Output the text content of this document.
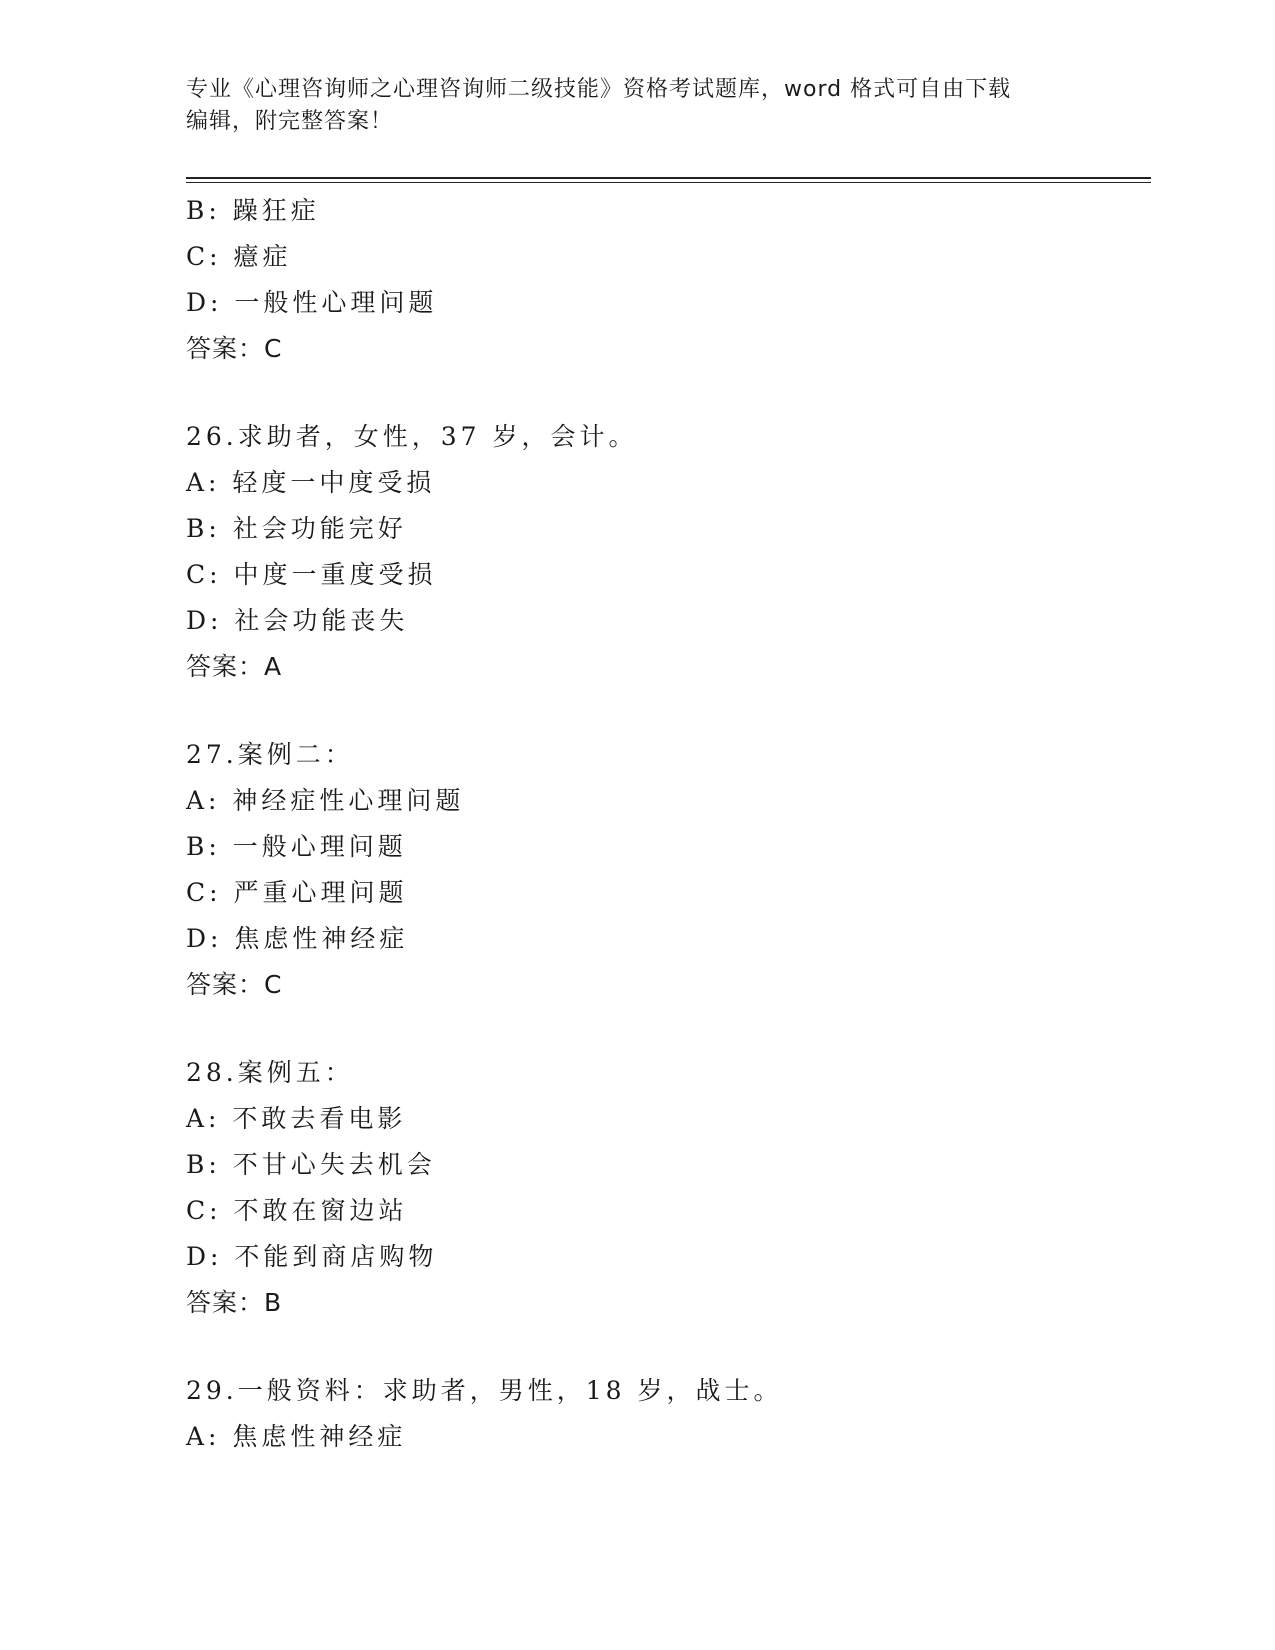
专业《心理咨询师之心理咨询师二级技能》资格考试题库，word 格式可自由下载
编辑，附完整答案！
B: 躁狂症
C: 癔症
D: 一般性心理问题
答案：C
26.求助者，女性，37 岁，会计。
A: 轻度一中度受损
B: 社会功能完好
C: 中度一重度受损
D: 社会功能丧失
答案：A
27.案例二：
A: 神经症性心理问题
B: 一般心理问题
C: 严重心理问题
D: 焦虑性神经症
答案：C
28.案例五：
A: 不敢去看电影
B: 不甘心失去机会
C: 不敢在窗边站
D: 不能到商店购物
答案：B
29.一般资料：求助者，男性，18 岁，战士。
A: 焦虑性神经症
